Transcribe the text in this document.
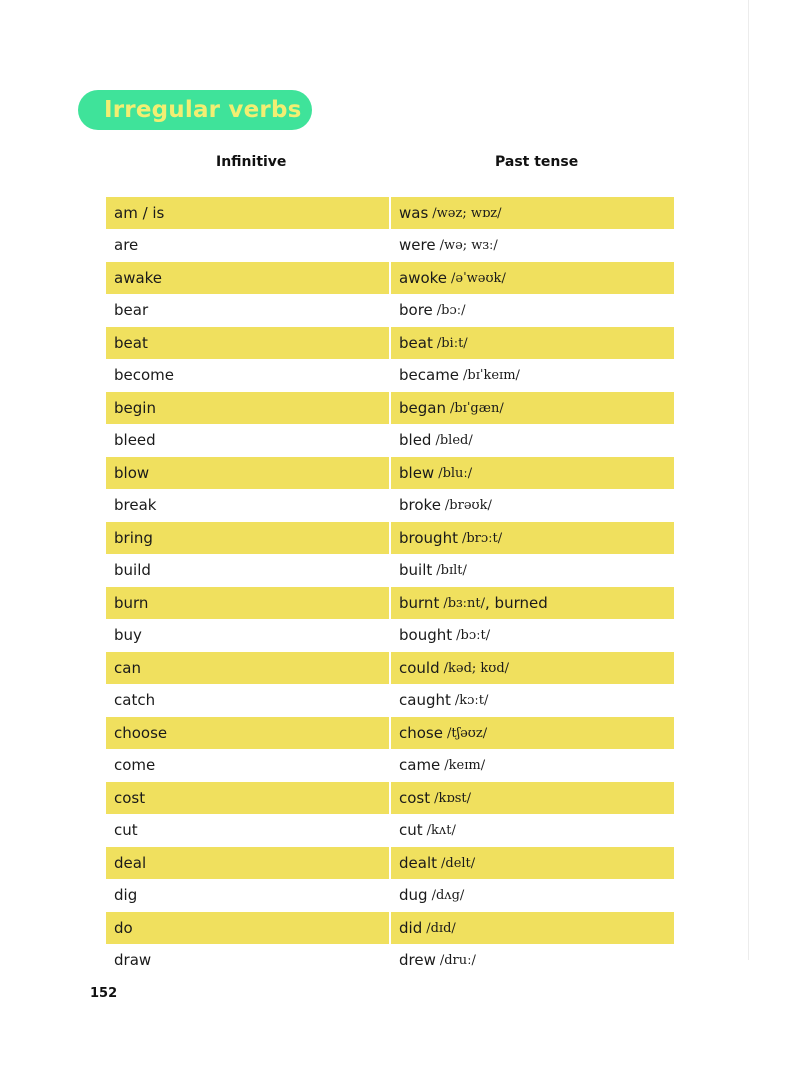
Irregular verbs
Infinitive	Past tense
am / is	was /wəz; wɒz/
are	were /wə; wɜː/
awake	awoke /əˈwəʊk/
bear	bore /bɔː/
beat	beat /biːt/
become	became /bɪˈkeɪm/
begin	began /bɪˈgæn/
bleed	bled /bled/
blow	blew /bluː/
break	broke /brəʊk/
bring	brought /brɔːt/
build	built /bɪlt/
burn	burnt /bɜːnt/ , burned
buy	bought /bɔːt/
can	could /kəd; kʊd/
catch	caught /kɔːt/
choose	chose /tʃəʊz/
come	came /keɪm/
cost	cost /kɒst/
cut	cut /kʌt/
deal	dealt /delt/
dig	dug /dʌg/
do	did /dɪd/
draw	drew /druː/
152
